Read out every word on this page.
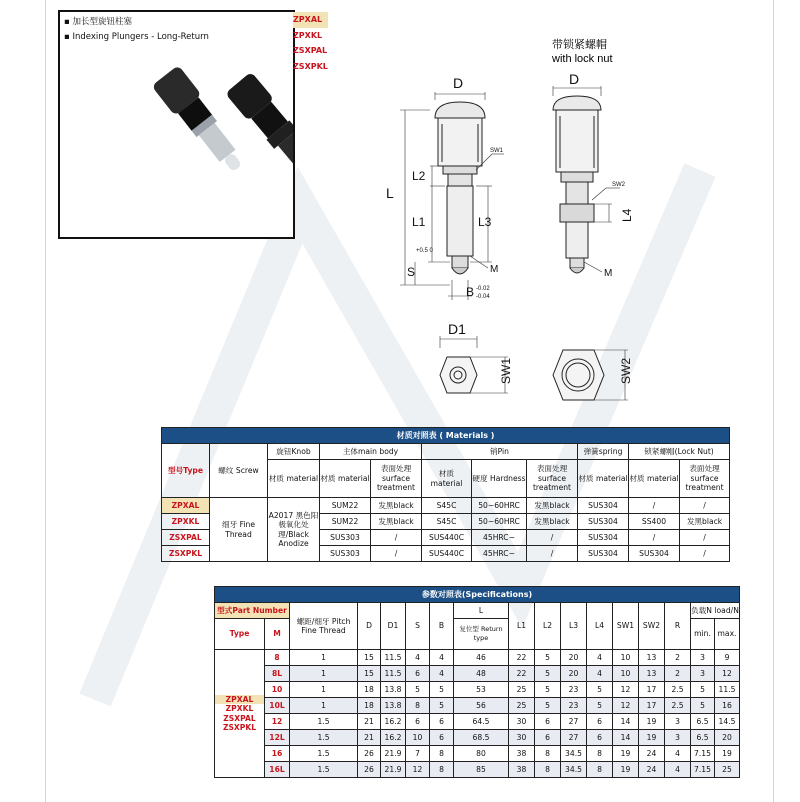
▪ 加长型旋钮柱塞
▪ Indexing Plungers - Long-Return
ZPXAL
ZPXKL
ZSXPAL
ZSXPKL
带锁紧螺帽
with lock nut
D
L
L2
L1	L3
S
+0.5 0
B -0.02
-0.04
M
SW1
D
L4
SW2
M
D1
SW1	SW2
材质对照表 ( Materials )										
型号Type	螺纹 Screw	旋钮Knob	主体main body		销Pin			弹簧spring	锁紧螺帽(Lock Nut)	
		材质 material	材质 material	表面处理 surface treatment	材质 material	硬度 Hardness	表面处理 surface treatment	材质 material	材质 material	表面处理 surface treatment
ZPXAL	细牙 Fine Thread	A2017 黑色阳极氧化处理/Black Anodize	SUM22	发黑black	S45C	50~60HRC	发黑black	SUS304	/	/
ZPXKL			SUM22	发黑black	S45C	50~60HRC	发黑black	SUS304	SS400	发黑black
ZSXPAL			SUS303	/	SUS440C	45HRC~	/	SUS304	/	/
ZSXPKL			SUS303	/	SUS440C	45HRC~	/	SUS304	SUS304	/
参数对照表(Specifications)																
型式Part Number		螺距/细牙 Pitch Fine Thread	D	D1	S	B	L	L1	L2	L3	L4	SW1	SW2	R	负载N load/N	
Type	M						复位型 Return type									
															min.	max.

ZPXAL
ZPXKL
ZSXPAL
ZSXPKL	8	1	15	11.5	4	4	46	22	5	20	4	10	13	2	3	9
	8L	1	15	11.5	6	4	48	22	5	20	4	10	13	2	3	12
	10	1	18	13.8	5	5	53	25	5	23	5	12	17	2.5	5	11.5
	10L	1	18	13.8	8	5	56	25	5	23	5	12	17	2.5	5	16
	12	1.5	21	16.2	6	6	64.5	30	6	27	6	14	19	3	6.5	14.5
	12L	1.5	21	16.2	10	6	68.5	30	6	27	6	14	19	3	6.5	20
	16	1.5	26	21.9	7	8	80	38	8	34.5	8	19	24	4	7.15	19
	16L	1.5	26	21.9	12	8	85	38	8	34.5	8	19	24	4	7.15	25
